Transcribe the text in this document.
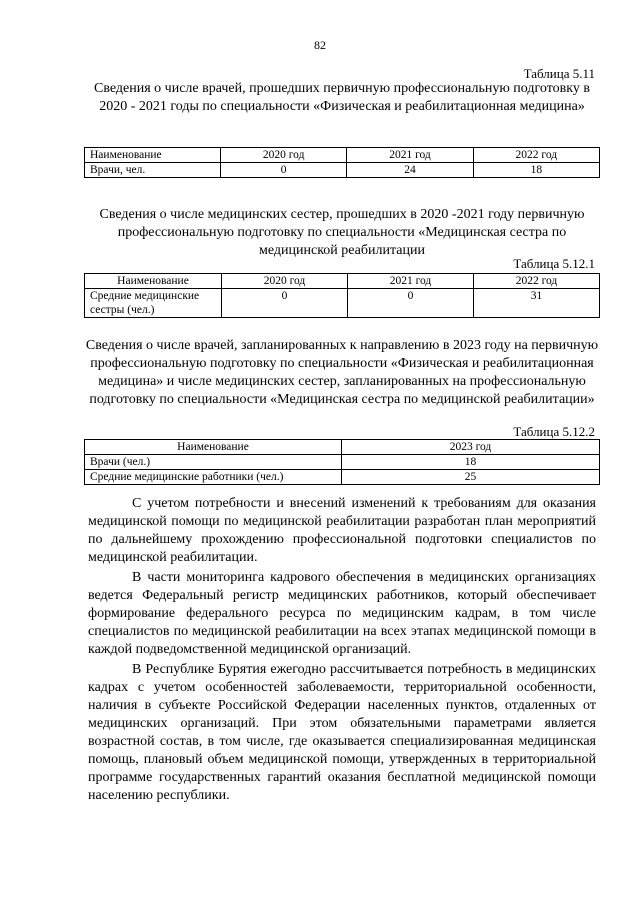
82
Таблица 5.11
Сведения о числе врачей, прошедших первичную профессиональную подготовку в 2020 - 2021 годы по специальности «Физическая и реабилитационная медицина»
Наименование	2020 год	2021 год	2022 год
Врачи, чел.	0	24	18
Сведения о числе медицинских сестер, прошедших в 2020 -2021 году первичную профессиональную подготовку по специальности «Медицинская сестра по медицинской реабилитации
Таблица 5.12.1
Наименование	2020 год	2021 год	2022 год
Средние медицинские сестры (чел.)	0	0	31
Сведения о числе врачей, запланированных к направлению в 2023 году на первичную профессиональную подготовку по специальности «Физическая и реабилитационная медицина» и числе медицинских сестер, запланированных на профессиональную подготовку по специальности «Медицинская сестра по медицинской реабилитации»
Таблица 5.12.2
Наименование	2023 год
Врачи (чел.)	18
Средние медицинские работники (чел.)	25

С учетом потребности и внесений изменений к требованиям для оказания медицинской помощи по медицинской реабилитации разработан план мероприятий по дальнейшему прохождению профессиональной подготовки специалистов по медицинской реабилитации.

В части мониторинга кадрового обеспечения в медицинских организациях ведется Федеральный регистр медицинских работников, который обеспечивает формирование федерального ресурса по медицинским кадрам, в том числе специалистов по медицинской реабилитации на всех этапах медицинской помощи в каждой подведомственной медицинской организаций.

В Республике Бурятия ежегодно рассчитывается потребность в медицинских кадрах с учетом особенностей заболеваемости, территориальной особенности, наличия в субъекте Российской Федерации населенных пунктов, отдаленных от медицинских организаций. При этом обязательными параметрами является возрастной состав, в том числе, где оказывается специализированная медицинская помощь, плановый объем медицинской помощи, утвержденных в территориальной программе государственных гарантий оказания бесплатной медицинской помощи населению республики.
